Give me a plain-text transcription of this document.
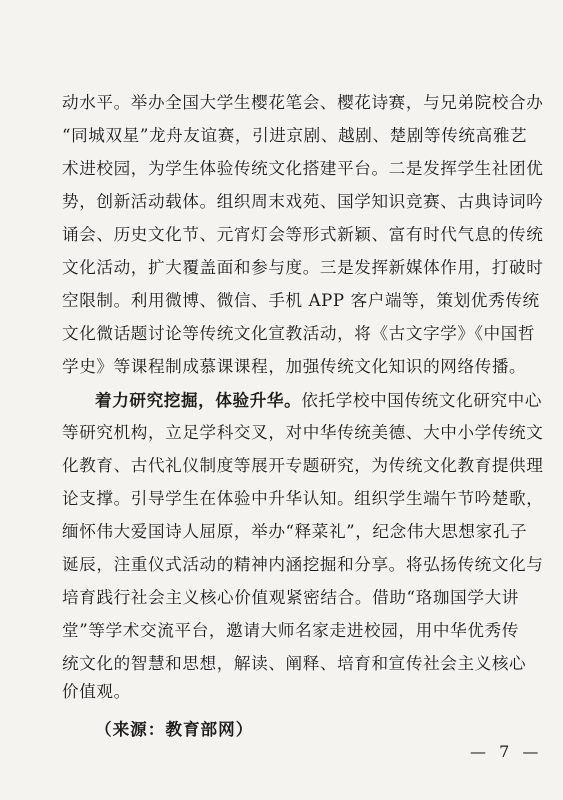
动水平。举办全国大学生樱花笔会、樱花诗赛，与兄弟院校合办
“同城双星”龙舟友谊赛，引进京剧、越剧、楚剧等传统高雅艺
术进校园，为学生体验传统文化搭建平台。二是发挥学生社团优
势，创新活动载体。组织周末戏苑、国学知识竞赛、古典诗词吟
诵会、历史文化节、元宵灯会等形式新颖、富有时代气息的传统
文化活动，扩大覆盖面和参与度。三是发挥新媒体作用，打破时
空限制。利用微博、微信、手机 APP 客户端等，策划优秀传统
文化微话题讨论等传统文化宣教活动，将《古文字学》《中国哲
学史》等课程制成慕课课程，加强传统文化知识的网络传播。
着力研究挖掘，体验升华。依托学校中国传统文化研究中心
等研究机构，立足学科交叉，对中华传统美德、大中小学传统文
化教育、古代礼仪制度等展开专题研究，为传统文化教育提供理
论支撑。引导学生在体验中升华认知。组织学生端午节吟楚歌，
缅怀伟大爱国诗人屈原，举办“释菜礼”，纪念伟大思想家孔子
诞辰，注重仪式活动的精神内涵挖掘和分享。将弘扬传统文化与
培育践行社会主义核心价值观紧密结合。借助“珞珈国学大讲
堂”等学术交流平台，邀请大师名家走进校园，用中华优秀传
统文化的智慧和思想，解读、阐释、培育和宣传社会主义核心
价值观。
（来源：教育部网）
— 7 —
